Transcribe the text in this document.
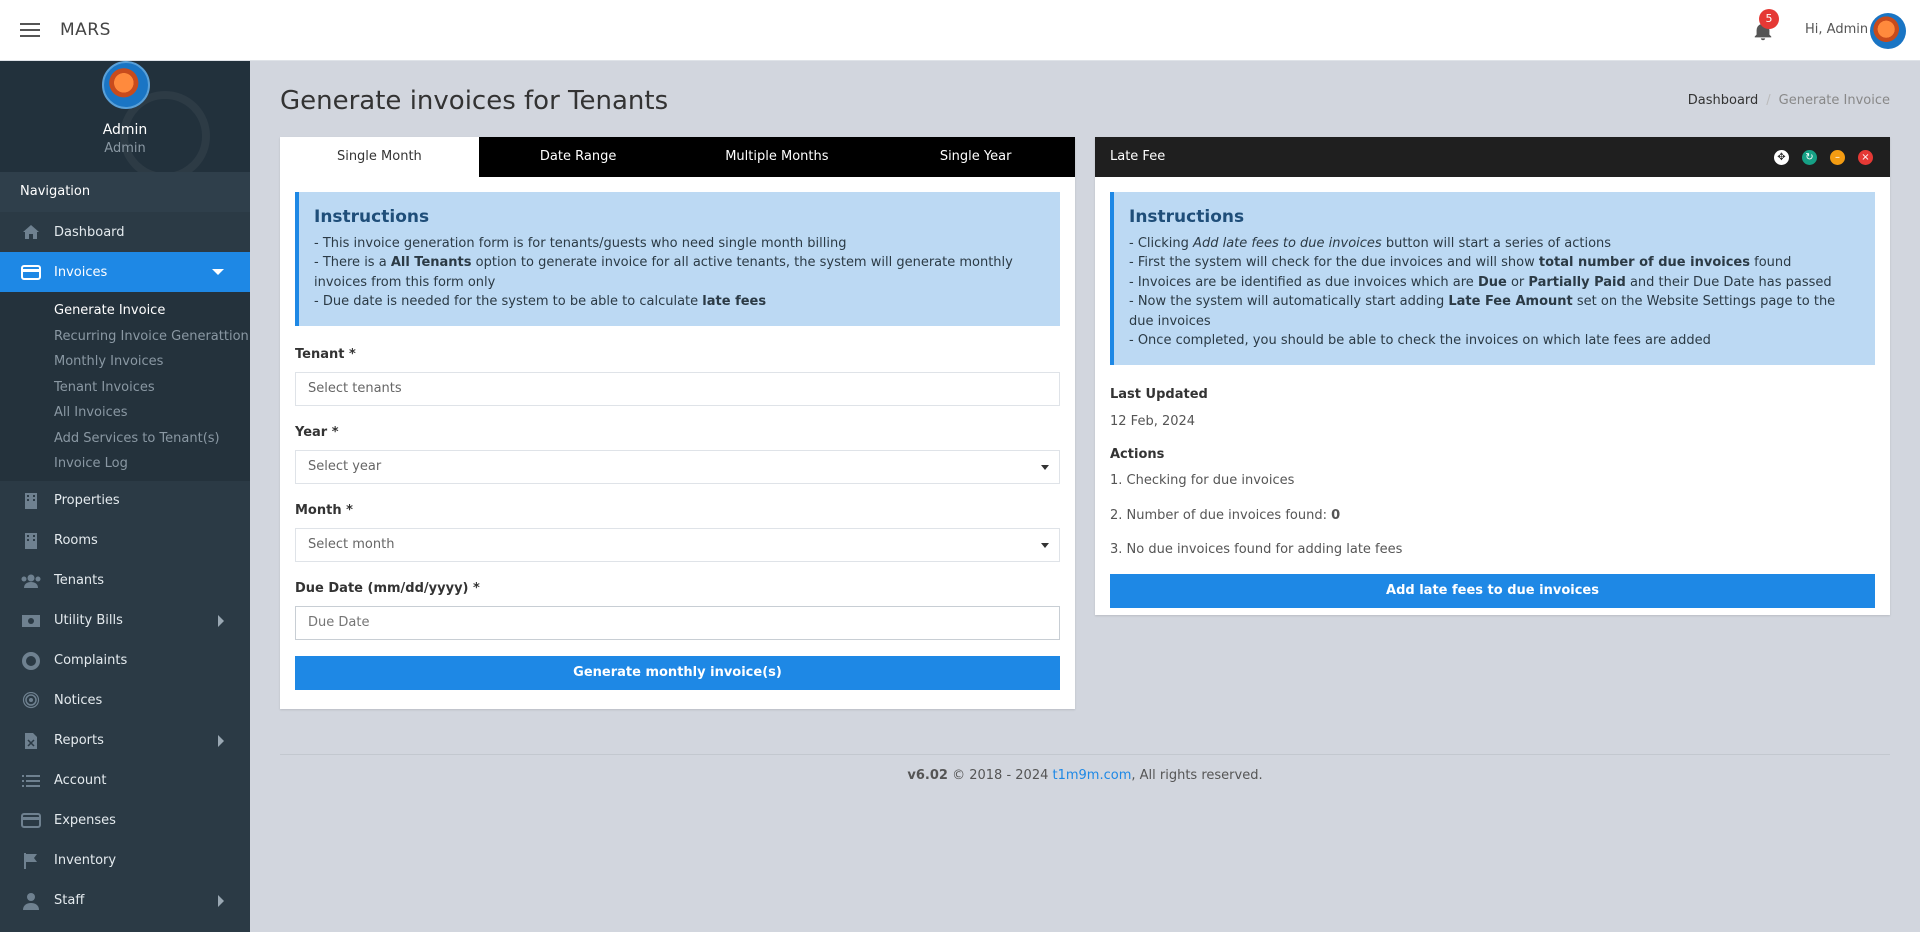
MARS
5
Hi, Admin
Admin
Admin
Navigation
Dashboard
Invoices
Generate Invoice
Recurring Invoice Generattion
Monthly Invoices
Tenant Invoices
All Invoices
Add Services to Tenant(s)
Invoice Log
Properties
Rooms
Tenants
Utility Bills
Complaints
Notices
Reports
Account
Expenses
Inventory
Staff
Generate invoices for Tenants	Dashboard / Generate Invoice
Single Month	Date Range	Multiple Months	Single Year
Instructions
- This invoice generation form is for tenants/guests who need single month billing
- There is a All Tenants option to generate invoice for all active tenants, the system will generate monthly invoices from this form only
- Due date is needed for the system to be able to calculate late fees
Tenant *
Select tenants
Year *
Select year
Month *
Select month
Due Date (mm/dd/yyyy) *
Due Date
Generate monthly invoice(s)
Late Fee	✥	↻	–	×
Instructions
- Clicking Add late fees to due invoices button will start a series of actions
- First the system will check for the due invoices and will show total number of due invoices found
- Invoices are be identified as due invoices which are Due or Partially Paid and their Due Date has passed
- Now the system will automatically start adding Late Fee Amount set on the Website Settings page to the due invoices
- Once completed, you should be able to check the invoices on which late fees are added
Last Updated
12 Feb, 2024
Actions
1. Checking for due invoices
2. Number of due invoices found: 0
3. No due invoices found for adding late fees
Add late fees to due invoices
v6.02 © 2018 - 2024 t1m9m.com, All rights reserved.
